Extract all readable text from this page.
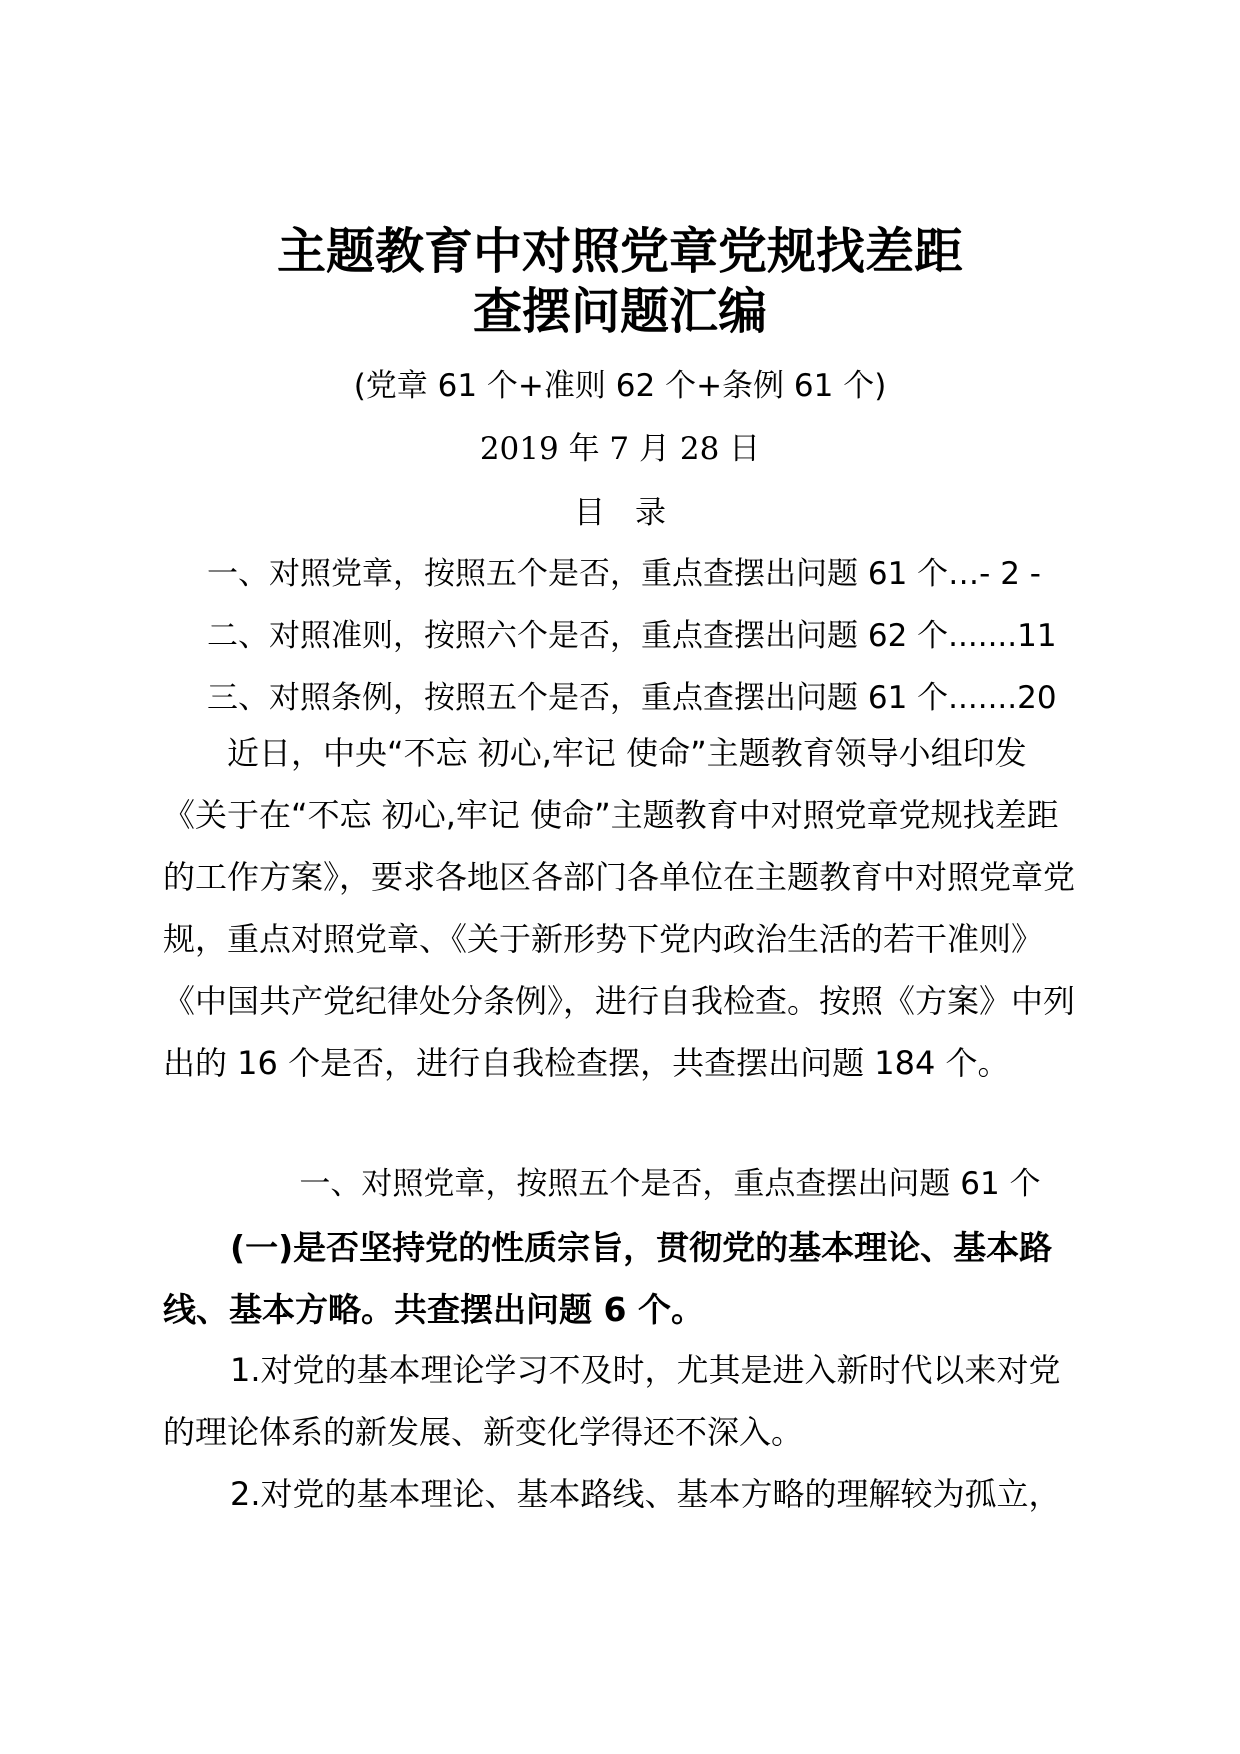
主题教育中对照党章党规找差距
查摆问题汇编
(党章 61 个+准则 62 个+条例 61 个)
2019 年 7 月 28 日
目录
一、对照党章，按照五个是否，重点查摆出问题 61 个…- 2 -
二、对照准则，按照六个是否，重点查摆出问题 62 个.......11
三、对照条例，按照五个是否，重点查摆出问题 61 个.......20

近日，中央“不忘 初心,牢记 使命”主题教育领导小组印发《关于在“不忘 初心,牢记 使命”主题教育中对照党章党规找差距的工作方案》，要求各地区各部门各单位在主题教育中对照党章党规，重点对照党章、《关于新形势下党内政治生活的若干准则》《中国共产党纪律处分条例》，进行自我检查。按照《方案》中列出的 16 个是否，进行自我检查摆，共查摆出问题 184 个。

一、对照党章，按照五个是否，重点查摆出问题 61 个

(一)是否坚持党的性质宗旨，贯彻党的基本理论、基本路线、基本方略。共查摆出问题 6 个。

1.对党的基本理论学习不及时，尤其是进入新时代以来对党的理论体系的新发展、新变化学得还不深入。

2.对党的基本理论、基本路线、基本方略的理解较为孤立，
